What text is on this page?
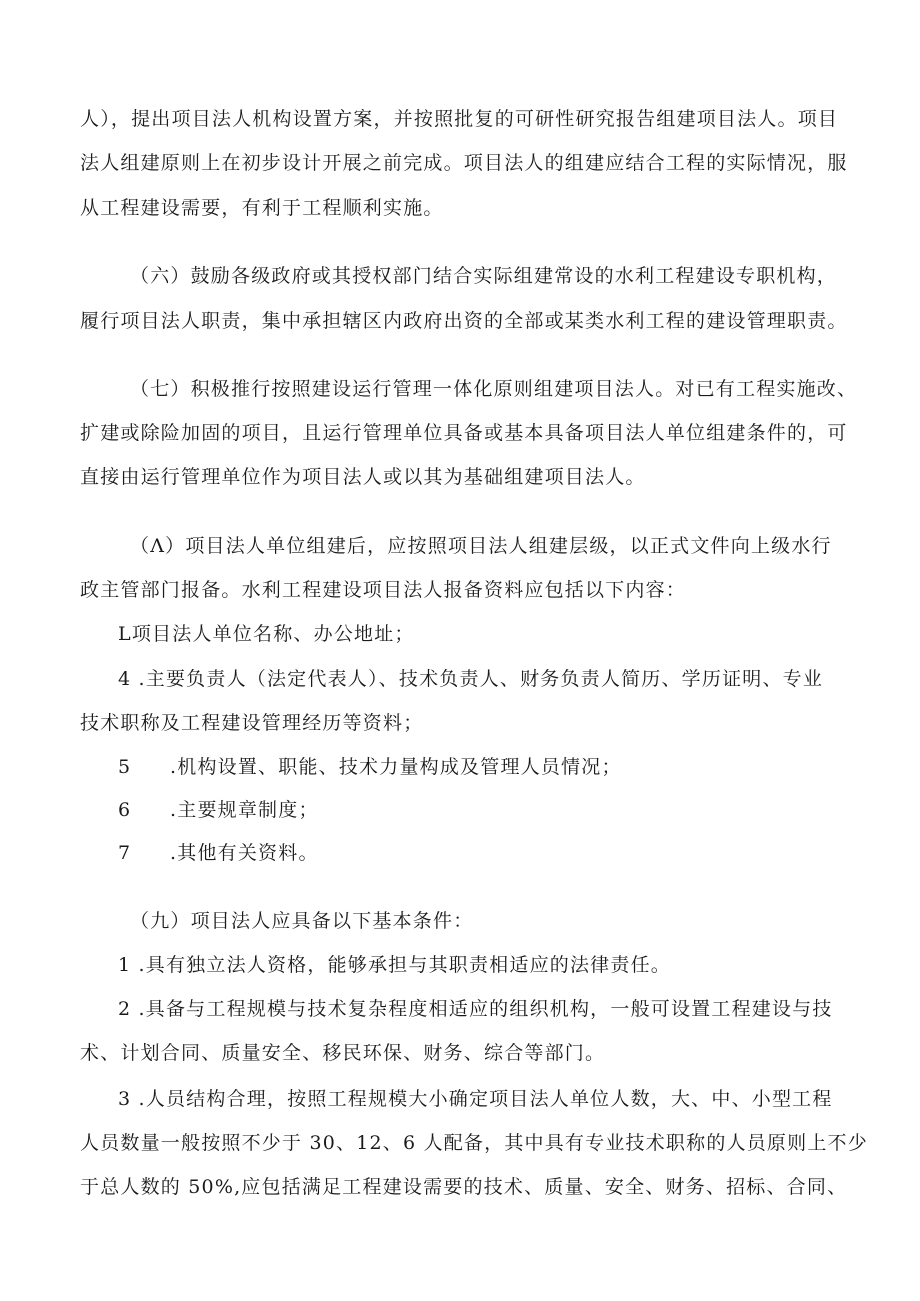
人），提出项目法人机构设置方案，并按照批复的可研性研究报告组建项目法人。项目
法人组建原则上在初步设计开展之前完成。项目法人的组建应结合工程的实际情况，服
从工程建设需要，有利于工程顺利实施。
（六）鼓励各级政府或其授权部门结合实际组建常设的水利工程建设专职机构，
履行项目法人职责，集中承担辖区内政府出资的全部或某类水利工程的建设管理职责。
（七）积极推行按照建设运行管理一体化原则组建项目法人。对已有工程实施改、
扩建或除险加固的项目，且运行管理单位具备或基本具备项目法人单位组建条件的，可
直接由运行管理单位作为项目法人或以其为基础组建项目法人。
（Λ）项目法人单位组建后，应按照项目法人组建层级，以正式文件向上级水行
政主管部门报备。水利工程建设项目法人报备资料应包括以下内容：
L项目法人单位名称、办公地址；
4 .主要负责人（法定代表人）、技术负责人、财务负责人简历、学历证明、专业
技术职称及工程建设管理经历等资料；
5 .机构设置、职能、技术力量构成及管理人员情况；
6 .主要规章制度；
7 .其他有关资料。
（九）项目法人应具备以下基本条件：
1 .具有独立法人资格，能够承担与其职责相适应的法律责任。
2 .具备与工程规模与技术复杂程度相适应的组织机构，一般可设置工程建设与技
术、计划合同、质量安全、移民环保、财务、综合等部门。
3 .人员结构合理，按照工程规模大小确定项目法人单位人数，大、中、小型工程
人员数量一般按照不少于 30、12、6 人配备，其中具有专业技术职称的人员原则上不少
于总人数的 50%,应包括满足工程建设需要的技术、质量、安全、财务、招标、合同、
